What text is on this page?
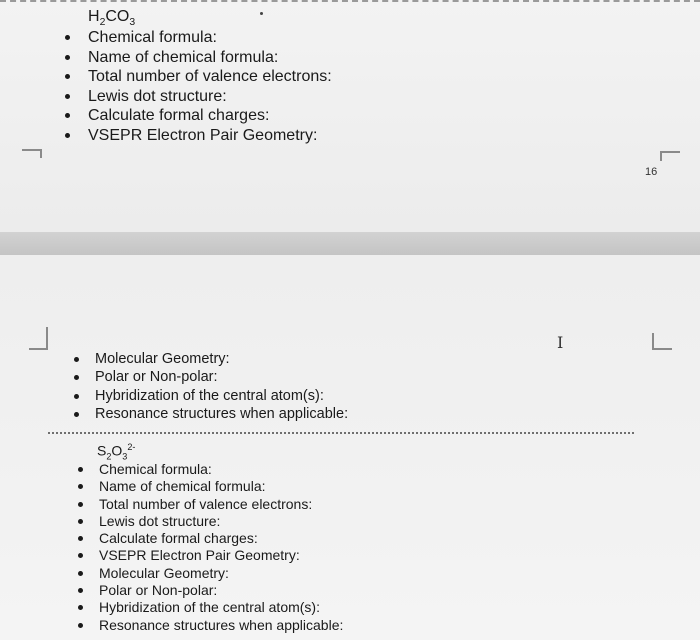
$H_2CO_3$
Chemical formula:
Name of chemical formula:
Total number of valence electrons:
Lewis dot structure:
Calculate formal charges:
VSEPR Electron Pair Geometry:
16
I
Molecular Geometry:
Polar or Non-polar:
Hybridization of the central atom(s):
Resonance structures when applicable:
$S_2O_3^{2-}$
Chemical formula:
Name of chemical formula:
Total number of valence electrons:
Lewis dot structure:
Calculate formal charges:
VSEPR Electron Pair Geometry:
Molecular Geometry:
Polar or Non-polar:
Hybridization of the central atom(s):
Resonance structures when applicable:
